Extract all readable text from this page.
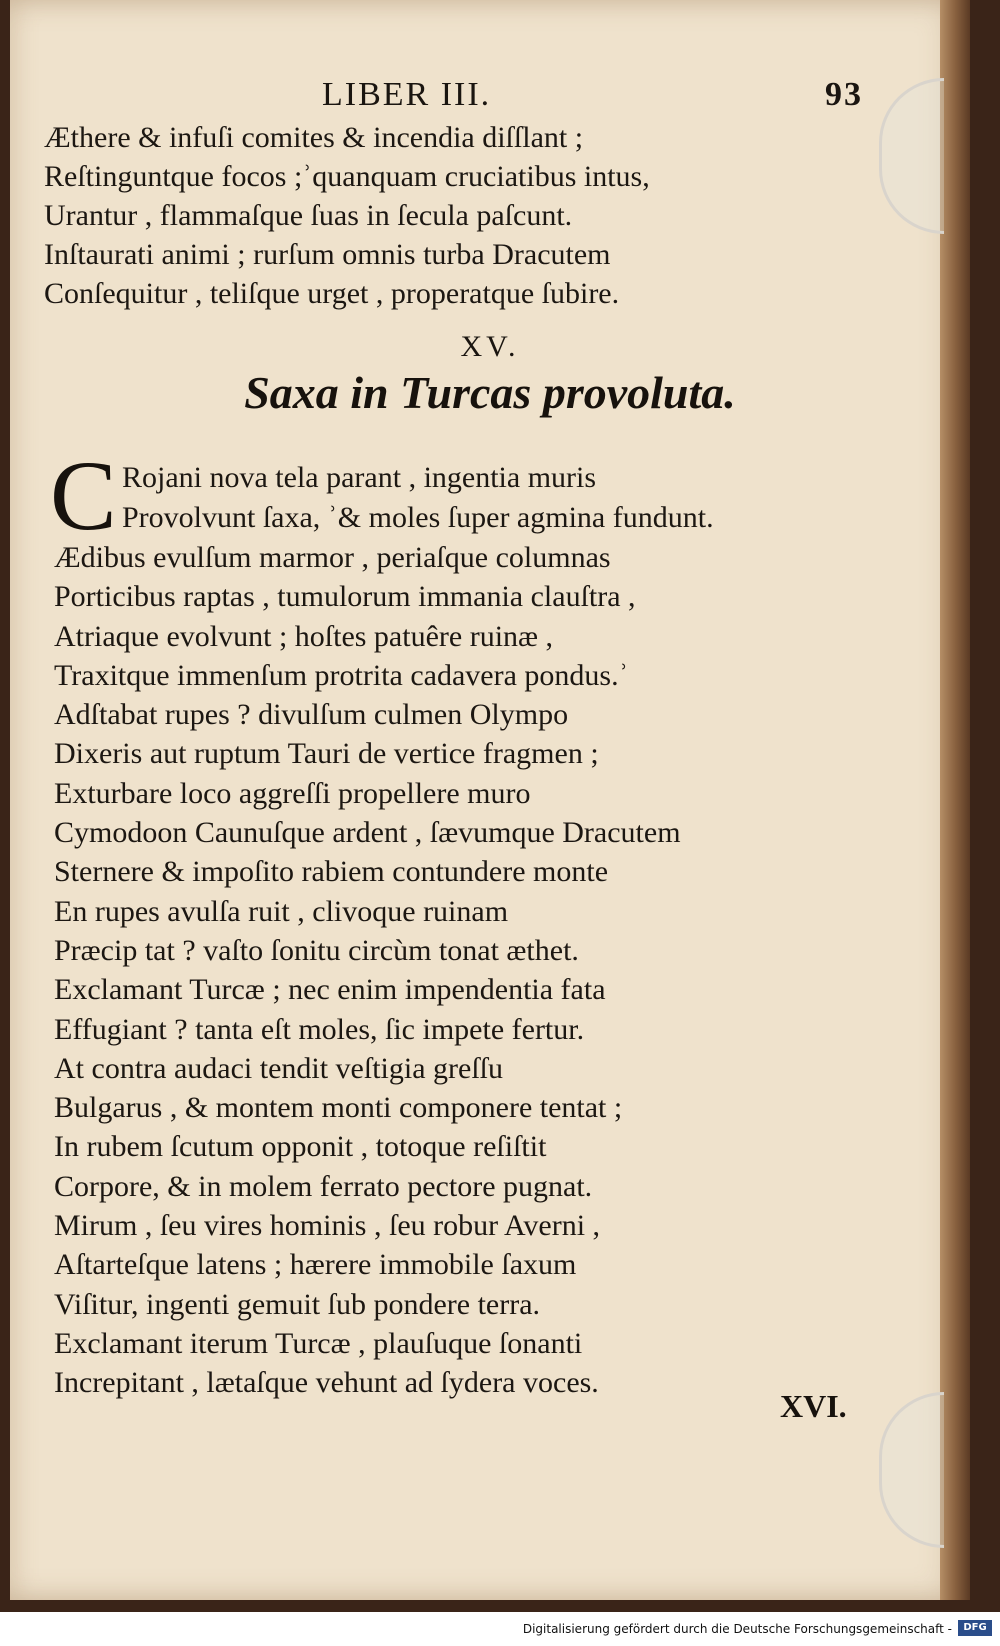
LIBER III.	93
Æthere & infuſi comites & incendia diſſlant ;
Reſtinguntque focos ;ʾquanquam cruciatibus intus,
Urantur , flammaſque ſuas in ſecula paſcunt.
Inſtaurati animi ; rurſum omnis turba Dracutem
Conſequitur , teliſque urget , properatque ſubire.
XV.
Saxa in Turcas provoluta.
C Rojani nova tela parant , ingentia muris
Provolvunt ſaxa, ʾ& moles ſuper agmina fundunt.
Ædibus evulſum marmor , periaſque columnas
Porticibus raptas , tumulorum immania clauſtra ,
Atriaque evolvunt ; hoſtes patuêre ruinæ ,
Traxitque immenſum protrita cadavera pondus.ʾ
Adſtabat rupes ? divulſum culmen Olympo
Dixeris aut ruptum Tauri de vertice fragmen ;
Exturbare loco aggreſſi propellere muro
Cymodoon Caunuſque ardent , ſævumque Dracutem
Sternere & impoſito rabiem contundere monte
En rupes avulſa ruit , clivoque ruinam
Præcip tat ? vaſto ſonitu circùm tonat æthet.
Exclamant Turcæ ; nec enim impendentia fata
Effugiant ? tanta eſt moles, ſic impete fertur.
At contra audaci tendit veſtigia greſſu
Bulgarus , & montem monti componere tentat ;
In rubem ſcutum opponit , totoque reſiſtit
Corpore, & in molem ferrato pectore pugnat.
Mirum , ſeu vires hominis , ſeu robur Averni ,
Aſtarteſque latens ; hærere immobile ſaxum
Viſitur, ingenti gemuit ſub pondere terra.
Exclamant iterum Turcæ , plauſuque ſonanti
Increpitant , lætaſque vehunt ad ſydera voces.
XVI.
Digitalisierung gefördert durch die Deutsche Forschungsgemeinschaft -	DFG
